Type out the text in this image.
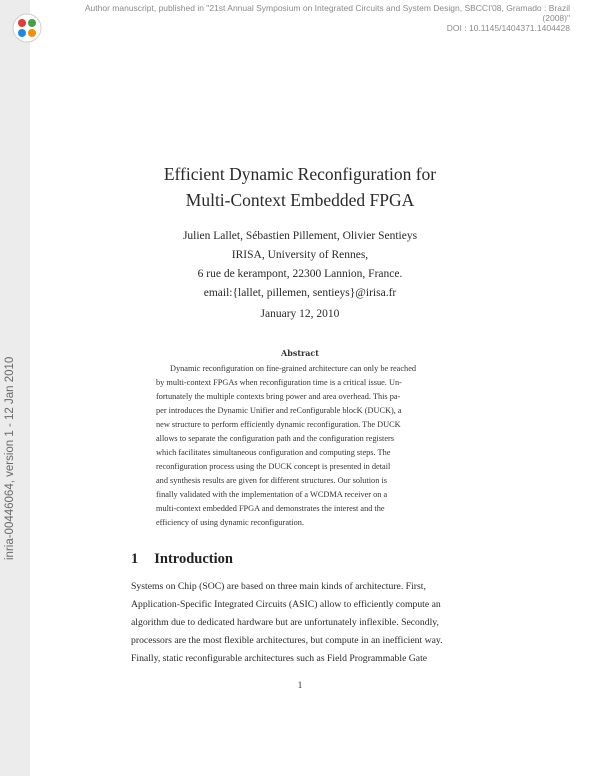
inria-00446064, version 1 - 12 Jan 2010
Author manuscript, published in "21st Annual Symposium on Integrated Circuits and System Design, SBCCI'08, Gramado : Brazil
(2008)"
DOI : 10.1145/1404371.1404428
Efficient Dynamic Reconfiguration for
Multi-Context Embedded FPGA
Julien Lallet, Sébastien Pillement, Olivier Sentieys
IRISA, University of Rennes,
6 rue de kerampont, 22300 Lannion, France.
email:{lallet, pillemen, sentieys}@irisa.fr
January 12, 2010
Abstract
Dynamic reconfiguration on fine-grained architecture can only be reached
by multi-context FPGAs when reconfiguration time is a critical issue. Un-
fortunately the multiple contexts bring power and area overhead. This pa-
per introduces the Dynamic Unifier and reConfigurable blocK (DUCK), a
new structure to perform efficiently dynamic reconfiguration. The DUCK
allows to separate the configuration path and the configuration registers
which facilitates simultaneous configuration and computing steps. The
reconfiguration process using the DUCK concept is presented in detail
and synthesis results are given for different structures. Our solution is
finally validated with the implementation of a WCDMA receiver on a
multi-context embedded FPGA and demonstrates the interest and the
efficiency of using dynamic reconfiguration.
1 Introduction
Systems on Chip (SOC) are based on three main kinds of architecture. First,
Application-Specific Integrated Circuits (ASIC) allow to efficiently compute an
algorithm due to dedicated hardware but are unfortunately inflexible. Secondly,
processors are the most flexible architectures, but compute in an inefficient way.
Finally, static reconfigurable architectures such as Field Programmable Gate
1
